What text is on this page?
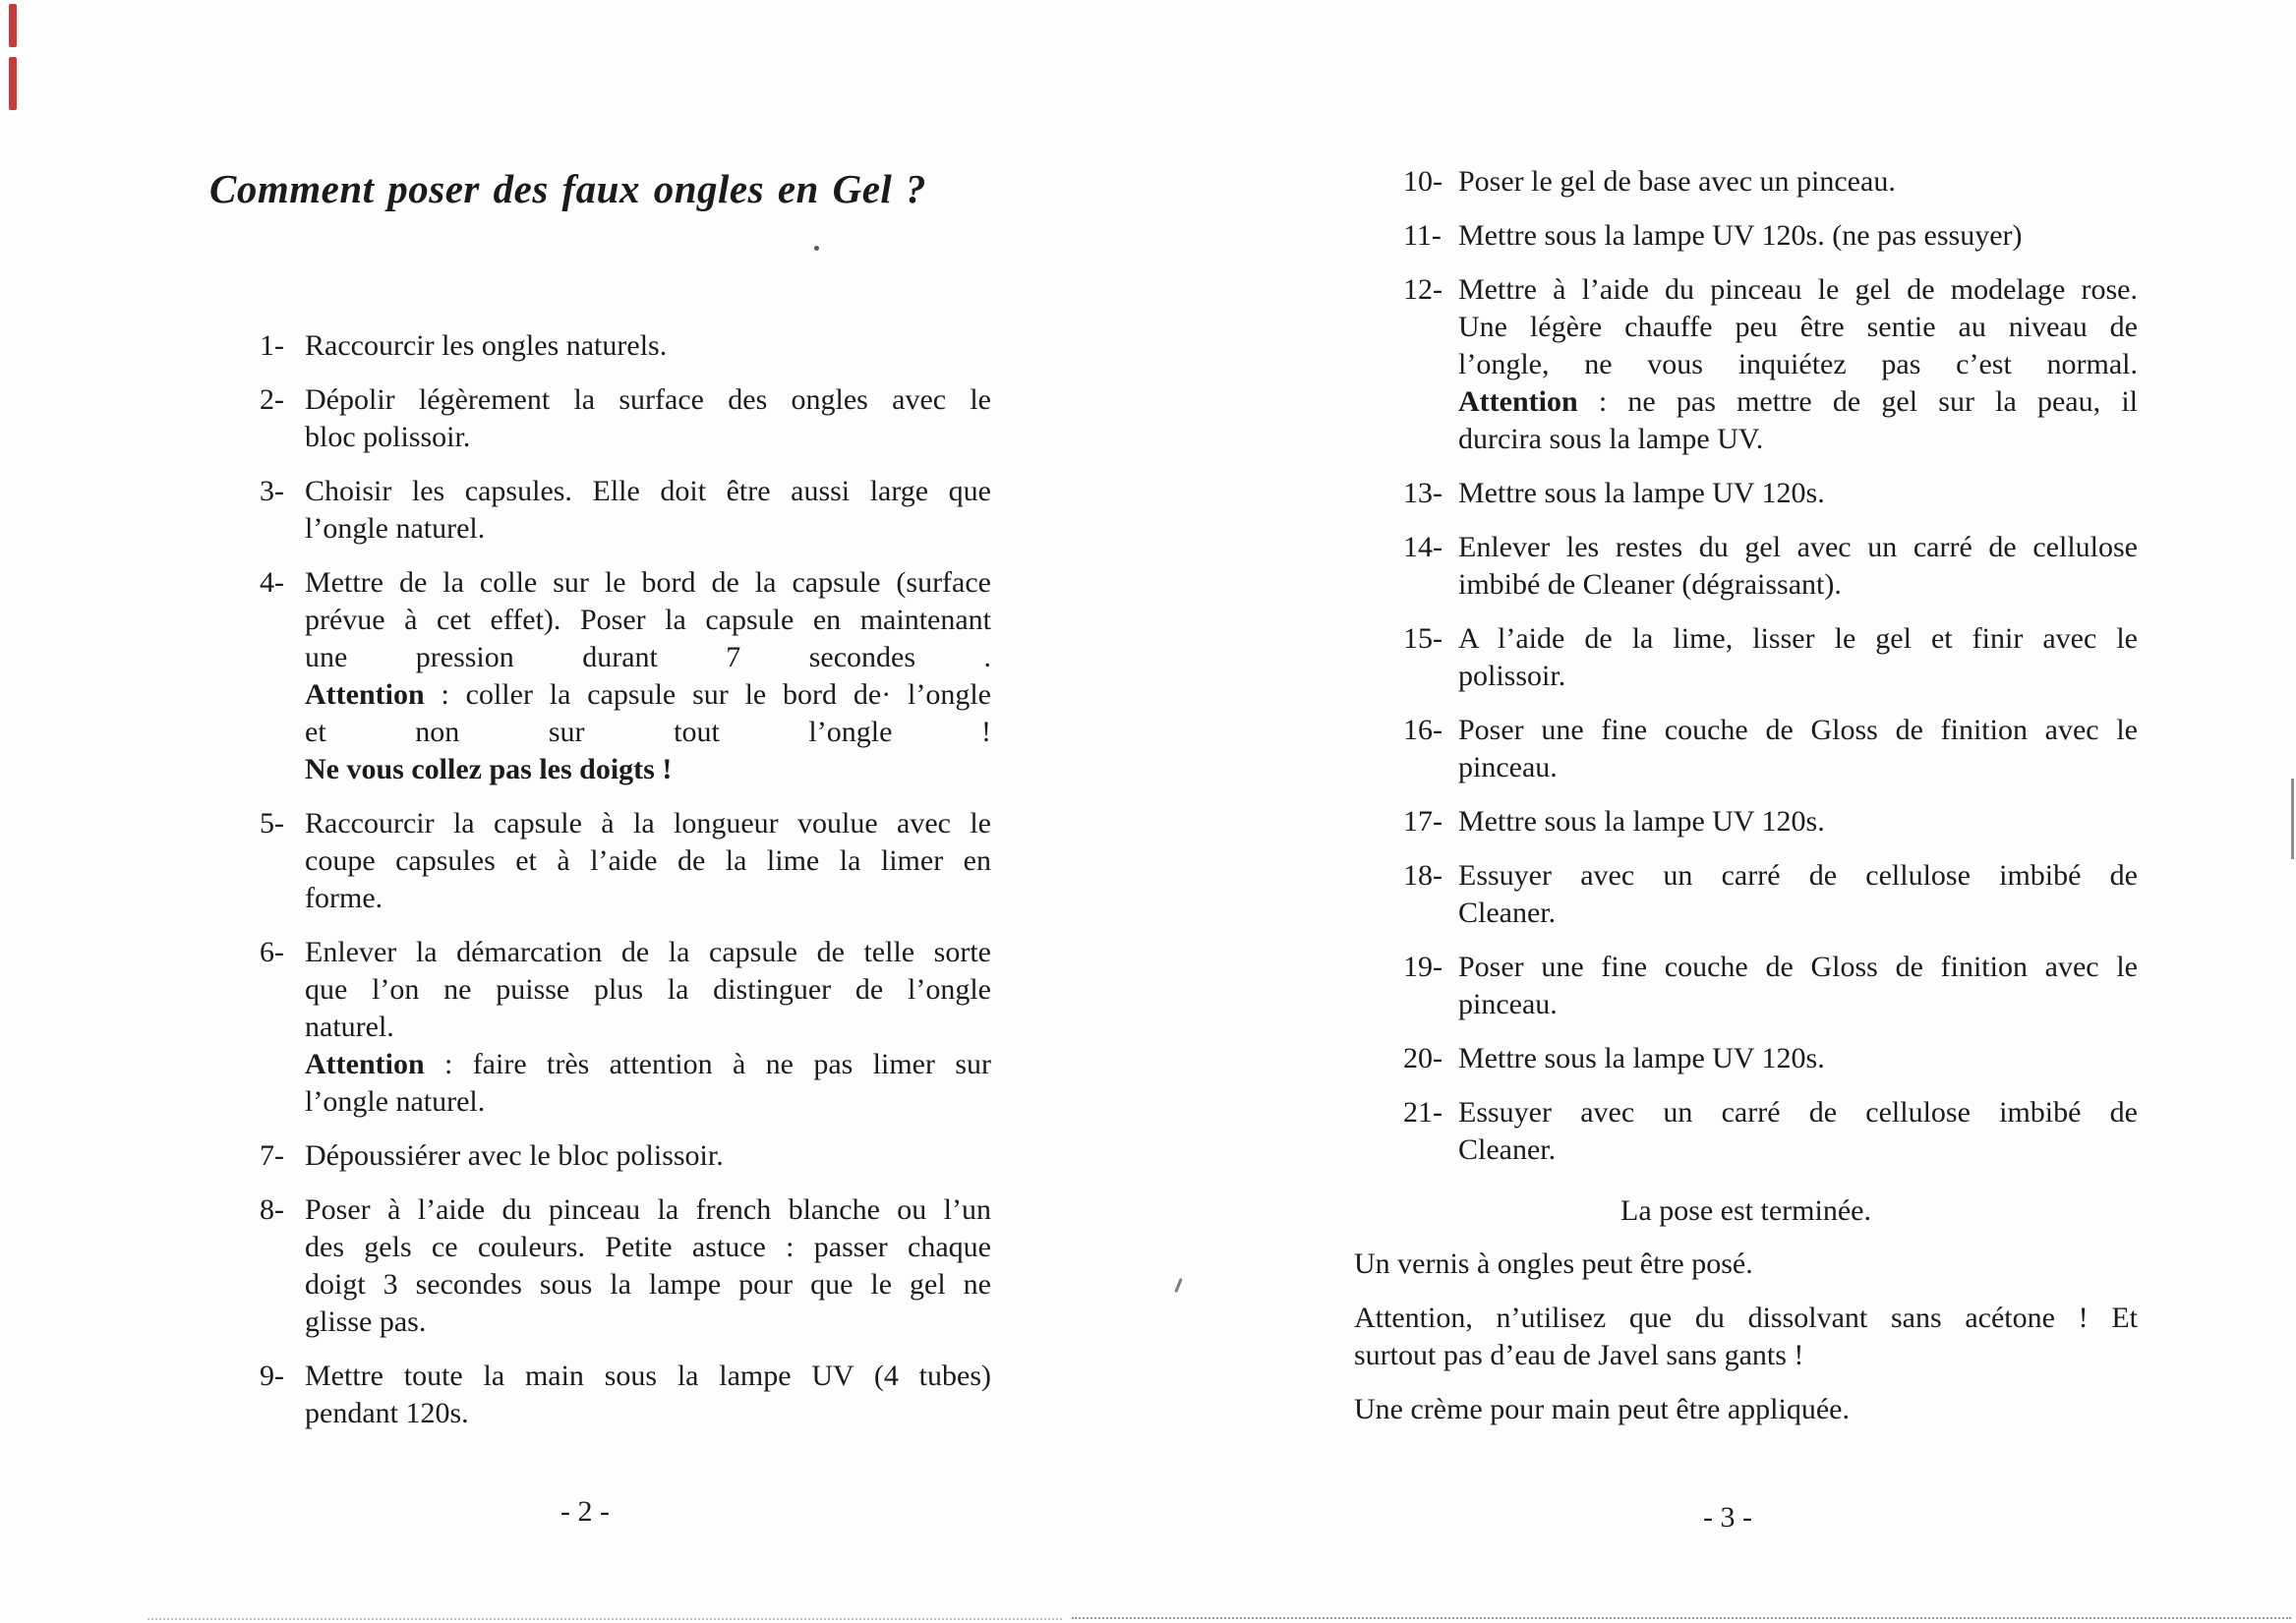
Comment poser des faux ongles en Gel ?
1- Raccourcir les ongles naturels.
2- Dépolir légèrement la surface des ongles avec le
bloc polissoir.
3- Choisir les capsules. Elle doit être aussi large que
l’ongle naturel.
4- Mettre de la colle sur le bord de la capsule (surface
prévue à cet effet). Poser la capsule en maintenant
une pression durant 7 secondes .
Attention : coller la capsule sur le bord de· l’ongle
et non sur tout l’ongle !
Ne vous collez pas les doigts !
5- Raccourcir la capsule à la longueur voulue avec le
coupe capsules et à l’aide de la lime la limer en
forme.
6- Enlever la démarcation de la capsule de telle sorte
que l’on ne puisse plus la distinguer de l’ongle
naturel.
Attention : faire très attention à ne pas limer sur
l’ongle naturel.
7- Dépoussiérer avec le bloc polissoir.
8- Poser à l’aide du pinceau la french blanche ou l’un
des gels ce couleurs. Petite astuce : passer chaque
doigt 3 secondes sous la lampe pour que le gel ne
glisse pas.
9- Mettre toute la main sous la lampe UV (4 tubes)
pendant 120s.
- 2 -
10- Poser le gel de base avec un pinceau.
11- Mettre sous la lampe UV 120s. (ne pas essuyer)
12- Mettre à l’aide du pinceau le gel de modelage rose.
Une légère chauffe peu être sentie au niveau de
l’ongle, ne vous inquiétez pas c’est normal.
Attention : ne pas mettre de gel sur la peau, il
durcira sous la lampe UV.
13- Mettre sous la lampe UV 120s.
14- Enlever les restes du gel avec un carré de cellulose
imbibé de Cleaner (dégraissant).
15- A l’aide de la lime, lisser le gel et finir avec le
polissoir.
16- Poser une fine couche de Gloss de finition avec le
pinceau.
17- Mettre sous la lampe UV 120s.
18- Essuyer avec un carré de cellulose imbibé de
Cleaner.
19- Poser une fine couche de Gloss de finition avec le
pinceau.
20- Mettre sous la lampe UV 120s.
21- Essuyer avec un carré de cellulose imbibé de
Cleaner.
La pose est terminée.
Un vernis à ongles peut être posé.
Attention, n’utilisez que du dissolvant sans acétone ! Et
surtout pas d’eau de Javel sans gants !
Une crème pour main peut être appliquée.
- 3 -
